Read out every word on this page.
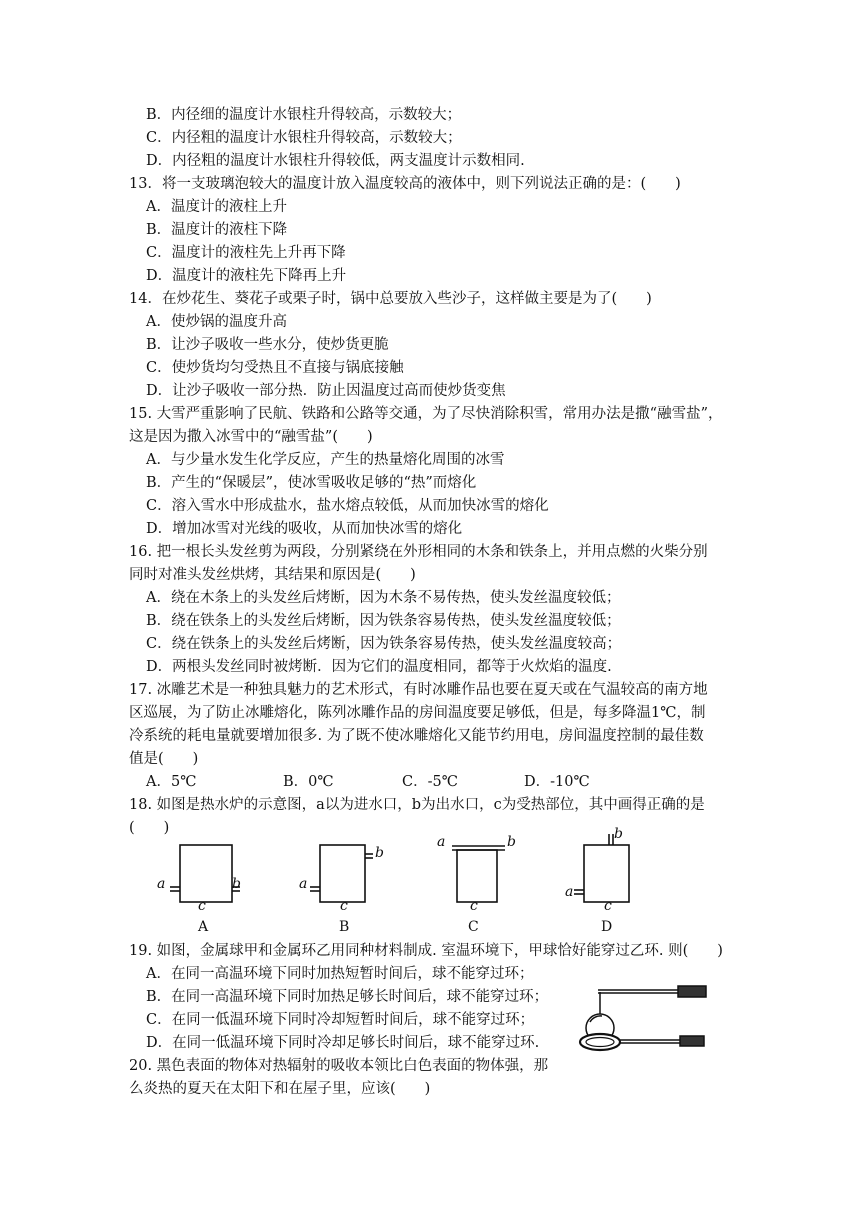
B．内径细的温度计水银柱升得较高，示数较大；
C．内径粗的温度计水银柱升得较高，示数较大；
D．内径粗的温度计水银柱升得较低，两支温度计示数相同.
13．将一支玻璃泡较大的温度计放入温度较高的液体中，则下列说法正确的是：(　　)
A．温度计的液柱上升
B．温度计的液柱下降
C．温度计的液柱先上升再下降
D．温度计的液柱先下降再上升
14．在炒花生、葵花子或栗子时，锅中总要放入些沙子，这样做主要是为了(　　)
A．使炒锅的温度升高
B．让沙子吸收一些水分，使炒货更脆
C．使炒货均匀受热且不直接与锅底接触
D．让沙子吸收一部分热．防止因温度过高而使炒货变焦
15. 大雪严重影响了民航、铁路和公路等交通，为了尽快消除积雪，常用办法是撒“融雪盐”，
这是因为撒入冰雪中的“融雪盐”(　　)
A．与少量水发生化学反应，产生的热量熔化周围的冰雪
B．产生的“保暖层”，使冰雪吸收足够的“热”而熔化
C．溶入雪水中形成盐水，盐水熔点较低，从而加快冰雪的熔化
D．增加冰雪对光线的吸收，从而加快冰雪的熔化
16. 把一根长头发丝剪为两段，分别紧绕在外形相同的木条和铁条上，并用点燃的火柴分别
同时对准头发丝烘烤，其结果和原因是(　　)
A．绕在木条上的头发丝后烤断，因为木条不易传热，使头发丝温度较低；
B．绕在铁条上的头发丝后烤断，因为铁条容易传热，使头发丝温度较低；
C．绕在铁条上的头发丝后烤断，因为铁条容易传热，使头发丝温度较高；
D．两根头发丝同时被烤断．因为它们的温度相同，都等于火炊焰的温度.
17. 冰雕艺术是一种独具魅力的艺术形式，有时冰雕作品也要在夏天或在气温较高的南方地
区巡展，为了防止冰雕熔化，陈列冰雕作品的房间温度要足够低，但是，每多降温1℃，制
冷系统的耗电量就要增加很多. 为了既不使冰雕熔化又能节约用电，房间温度控制的最佳数
值是(　　)
A．5℃	B．0℃	C．-5℃	D．-10℃
18. 如图是热水炉的示意图，a以为进水口，b为出水口，c为受热部位，其中画得正确的是
(　　)
a	b
c
a
b
c
a	b
c
b
a
c
A	B	C	D
19. 如图，金属球甲和金属环乙用同种材料制成. 室温环境下，甲球恰好能穿过乙环. 则(　　)
A．在同一高温环境下同时加热短暂时间后，球不能穿过环；
B．在同一高温环境下同时加热足够长时间后，球不能穿过环；
C．在同一低温环境下同时冷却短暂时间后，球不能穿过环；
D．在同一低温环境下同时冷却足够长时间后，球不能穿过环.
20. 黑色表面的物体对热辐射的吸收本领比白色表面的物体强，那
么炎热的夏天在太阳下和在屋子里，应该(　　)
